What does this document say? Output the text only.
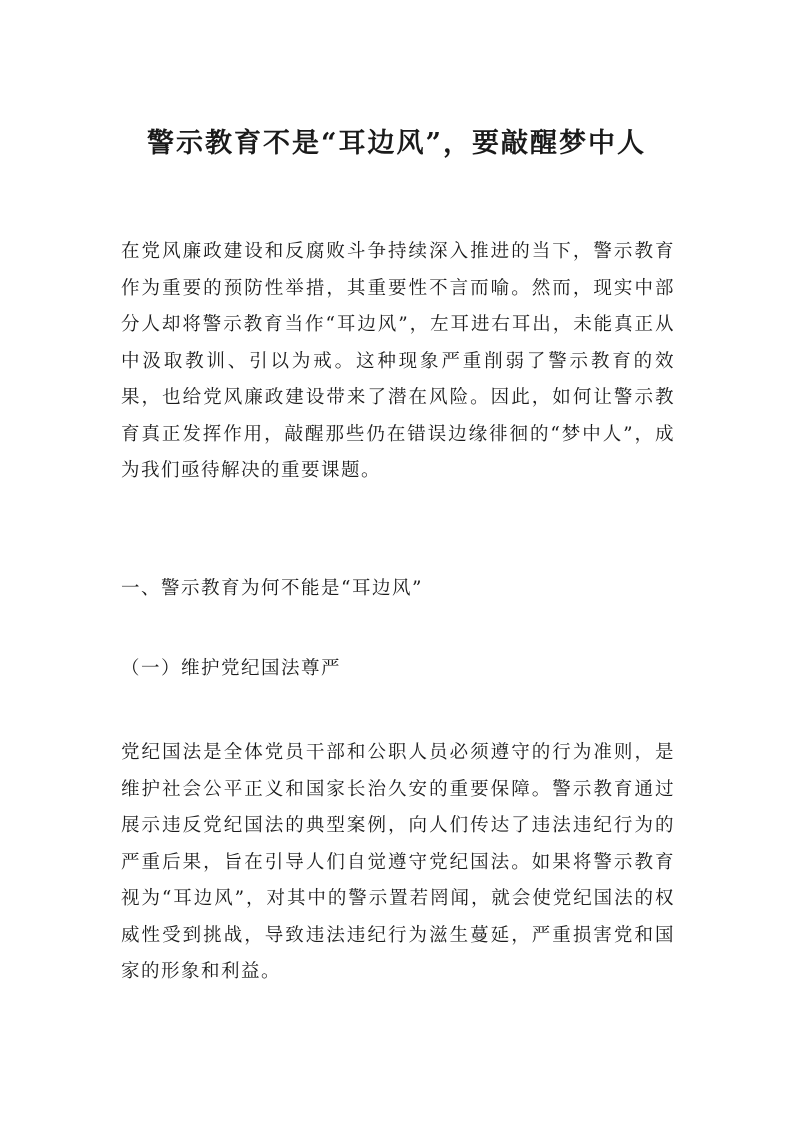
警示教育不是“耳边风”，要敲醒梦中人

在党风廉政建设和反腐败斗争持续深入推进的当下，警示教育作为重要的预防性举措，其重要性不言而喻。然而，现实中部分人却将警示教育当作“耳边风”，左耳进右耳出，未能真正从中汲取教训、引以为戒。这种现象严重削弱了警示教育的效果，也给党风廉政建设带来了潜在风险。因此，如何让警示教育真正发挥作用，敲醒那些仍在错误边缘徘徊的“梦中人”，成为我们亟待解决的重要课题。

一、警示教育为何不能是“耳边风”

（一）维护党纪国法尊严

党纪国法是全体党员干部和公职人员必须遵守的行为准则，是维护社会公平正义和国家长治久安的重要保障。警示教育通过展示违反党纪国法的典型案例，向人们传达了违法违纪行为的严重后果，旨在引导人们自觉遵守党纪国法。如果将警示教育视为“耳边风”，对其中的警示置若罔闻，就会使党纪国法的权威性受到挑战，导致违法违纪行为滋生蔓延，严重损害党和国家的形象和利益。
